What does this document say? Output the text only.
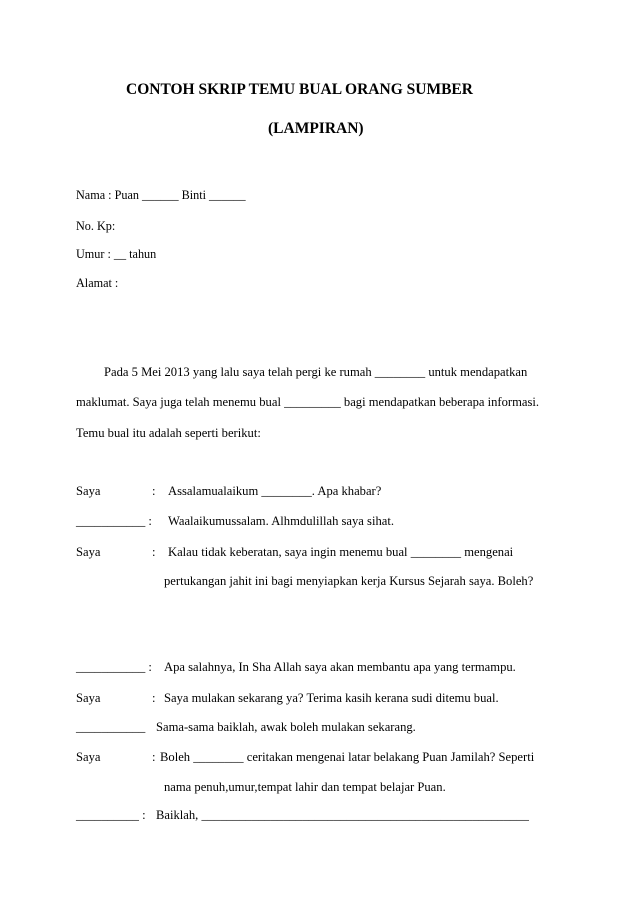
CONTOH SKRIP TEMU BUAL ORANG SUMBER
(LAMPIRAN)
Nama : Puan ______ Binti ______
No. Kp:
Umur : __ tahun
Alamat :
Pada 5 Mei 2013 yang lalu saya telah pergi ke rumah ________ untuk mendapatkan
maklumat. Saya juga telah menemu bual _________ bagi mendapatkan beberapa informasi.
Temu bual itu adalah seperti berikut:
Saya	: Assalamualaikum ________. Apa khabar?
___________ : Waalaikumussalam. Alhmdulillah saya sihat.
Saya	: Kalau tidak keberatan, saya ingin menemu bual ________ mengenai
pertukangan jahit ini bagi menyiapkan kerja Kursus Sejarah saya. Boleh?
___________ : Apa salahnya, In Sha Allah saya akan membantu apa yang termampu.
Saya	: Saya mulakan sekarang ya? Terima kasih kerana sudi ditemu bual.
___________ Sama-sama baiklah, awak boleh mulakan sekarang.
Saya	: Boleh ________ ceritakan mengenai latar belakang Puan Jamilah? Seperti
nama penuh,umur,tempat lahir dan tempat belajar Puan.
__________ : Baiklah, ____________________________________________________
